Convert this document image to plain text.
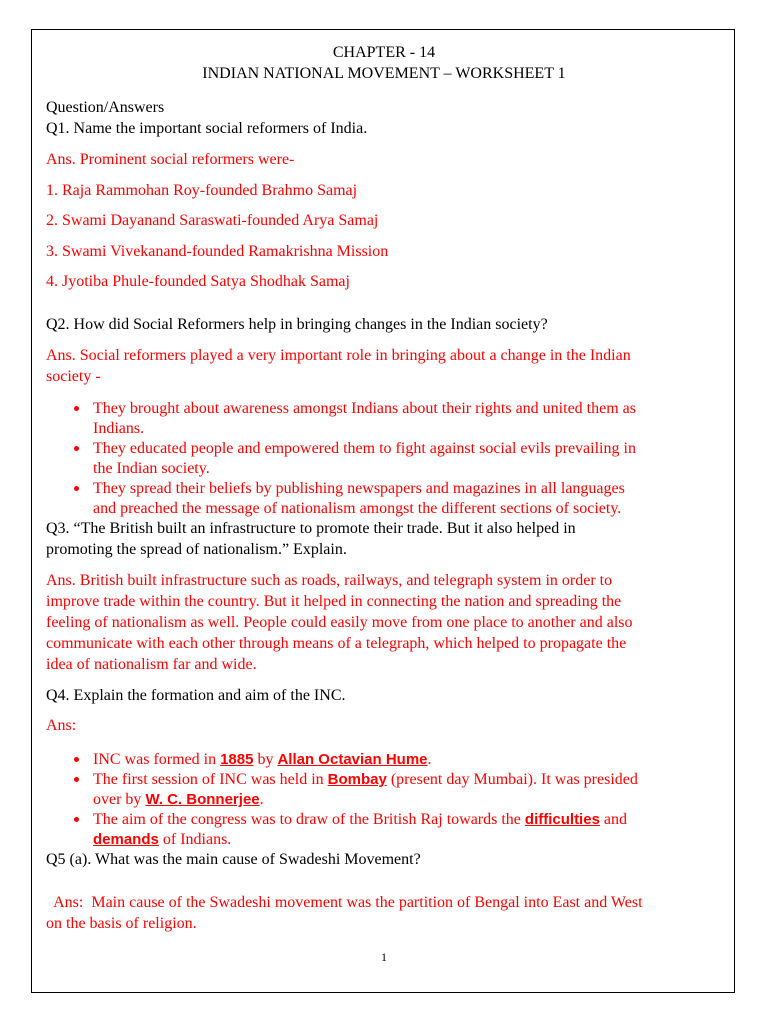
CHAPTER - 14
INDIAN NATIONAL MOVEMENT – WORKSHEET 1
Question/Answers
Q1. Name the important social reformers of India.
Ans. Prominent social reformers were-
1. Raja Rammohan Roy-founded Brahmo Samaj
2. Swami Dayanand Saraswati-founded Arya Samaj
3. Swami Vivekanand-founded Ramakrishna Mission
4. Jyotiba Phule-founded Satya Shodhak Samaj
Q2. How did Social Reformers help in bringing changes in the Indian society?
Ans. Social reformers played a very important role in bringing about a change in the Indian
society -
They brought about awareness amongst Indians about their rights and united them as
Indians.
They educated people and empowered them to fight against social evils prevailing in
the Indian society.
They spread their beliefs by publishing newspapers and magazines in all languages
and preached the message of nationalism amongst the different sections of society.
Q3. “The British built an infrastructure to promote their trade. But it also helped in
promoting the spread of nationalism.” Explain.
Ans. British built infrastructure such as roads, railways, and telegraph system in order to
improve trade within the country. But it helped in connecting the nation and spreading the
feeling of nationalism as well. People could easily move from one place to another and also
communicate with each other through means of a telegraph, which helped to propagate the
idea of nationalism far and wide.
Q4. Explain the formation and aim of the INC.
Ans:
INC was formed in 1885 by Allan Octavian Hume.
The first session of INC was held in Bombay (present day Mumbai). It was presided
over by W. C. Bonnerjee.
The aim of the congress was to draw of the British Raj towards the difficulties and
demands of Indians.
Q5 (a). What was the main cause of Swadeshi Movement?
Ans:  Main cause of the Swadeshi movement was the partition of Bengal into East and West
on the basis of religion.
1
